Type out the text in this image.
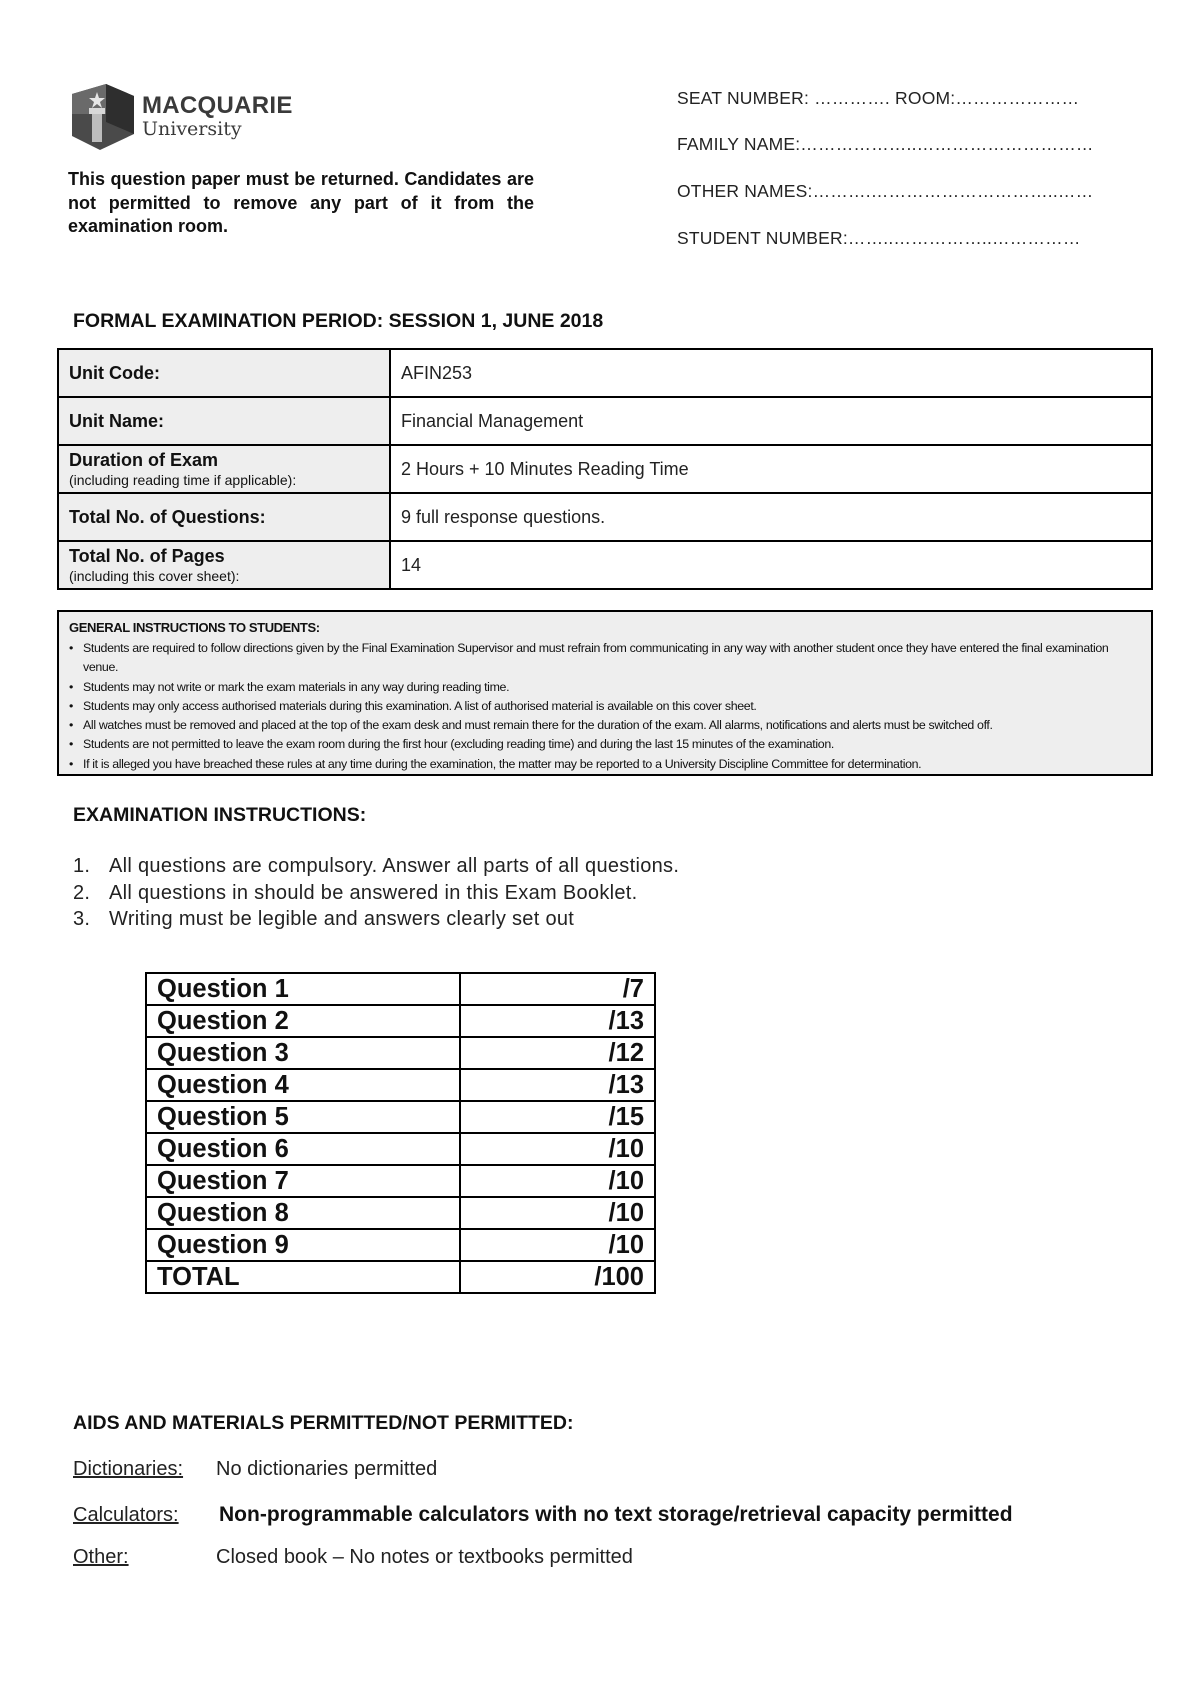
MACQUARIE
University
This question paper must be returned. Candidates are not permitted to remove any part of it from the examination room.
SEAT NUMBER: …………. ROOM:…………………
FAMILY NAME:………………..…………………………
OTHER NAMES:……….…………………………..……
STUDENT NUMBER:……..……………..……………
FORMAL EXAMINATION PERIOD: SESSION 1, JUNE 2018
Unit Code:	AFIN253
Unit Name:	Financial Management
Duration of Exam
(including reading time if applicable):	2 Hours + 10 Minutes Reading Time
Total No. of Questions:	9 full response questions.
Total No. of Pages
(including this cover sheet):	14
GENERAL INSTRUCTIONS TO STUDENTS:
• Students are required to follow directions given by the Final Examination Supervisor and must refrain from communicating in any way with another student once they have entered the final examination venue.
• Students may not write or mark the exam materials in any way during reading time.
• Students may only access authorised materials during this examination. A list of authorised material is available on this cover sheet.
• All watches must be removed and placed at the top of the exam desk and must remain there for the duration of the exam. All alarms, notifications and alerts must be switched off.
• Students are not permitted to leave the exam room during the first hour (excluding reading time) and during the last 15 minutes of the examination.
• If it is alleged you have breached these rules at any time during the examination, the matter may be reported to a University Discipline Committee for determination.
EXAMINATION INSTRUCTIONS:
1. All questions are compulsory. Answer all parts of all questions.
2. All questions in should be answered in this Exam Booklet.
3. Writing must be legible and answers clearly set out
Question 1	/7
Question 2	/13
Question 3	/12
Question 4	/13
Question 5	/15
Question 6	/10
Question 7	/10
Question 8	/10
Question 9	/10
TOTAL	/100
AIDS AND MATERIALS PERMITTED/NOT PERMITTED:
Dictionaries: No dictionaries permitted
Calculators: Non-programmable calculators with no text storage/retrieval capacity permitted
Other:	Closed book – No notes or textbooks permitted
